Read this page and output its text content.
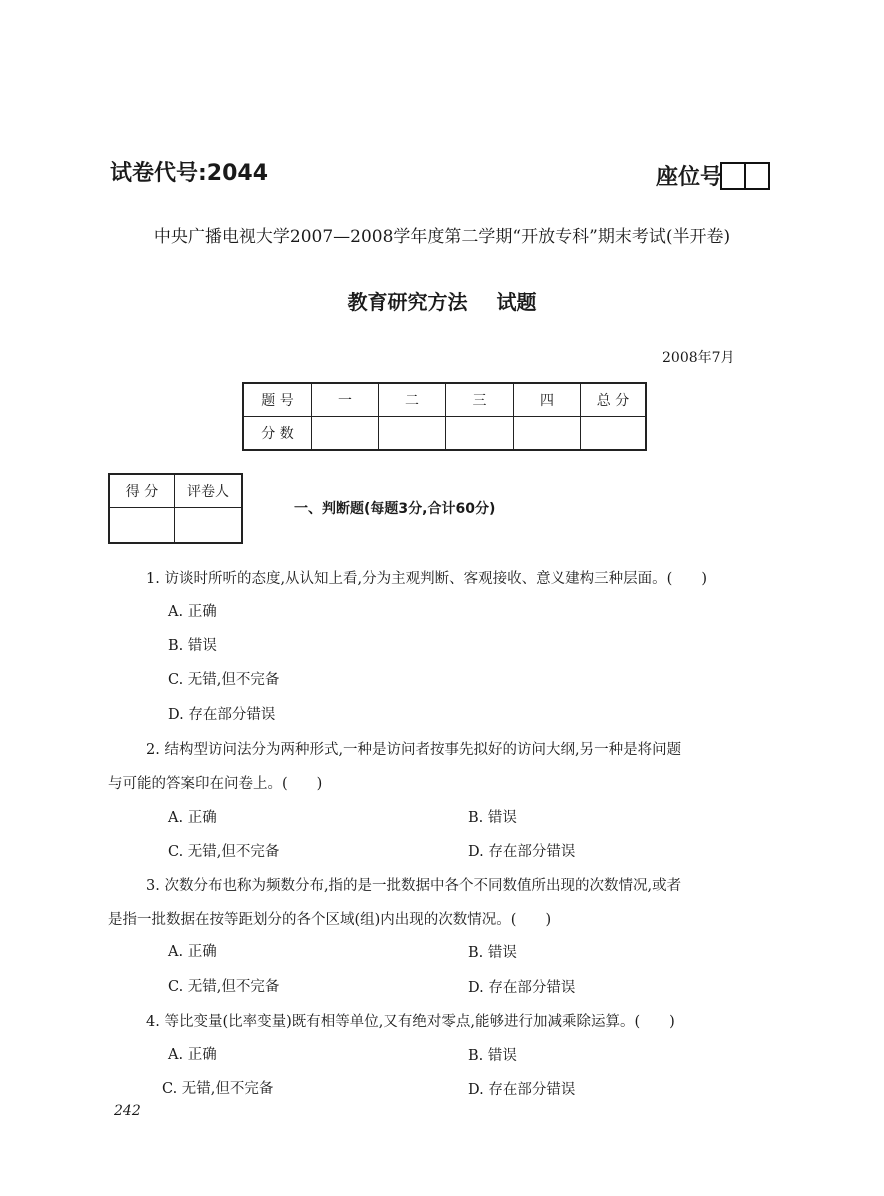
试卷代号:2044	座位号
中央广播电视大学2007—2008学年度第二学期“开放专科”期末考试(半开卷)
教育研究方法 试题
2008年7月
题 号	一	二	三	四	总 分
分 数					
得 分	评卷人

一、判断题(每题3分,合计60分)
1. 访谈时所听的态度,从认知上看,分为主观判断、客观接收、意义建构三种层面。(　　)
A. 正确
B. 错误
C. 无错,但不完备
D. 存在部分错误
2. 结构型访问法分为两种形式,一种是访问者按事先拟好的访问大纲,另一种是将问题
与可能的答案印在问卷上。(　　)
A. 正确	B. 错误
C. 无错,但不完备	D. 存在部分错误
3. 次数分布也称为频数分布,指的是一批数据中各个不同数值所出现的次数情况,或者
是指一批数据在按等距划分的各个区域(组)内出现的次数情况。(　　)
A. 正确	B. 错误
C. 无错,但不完备	D. 存在部分错误
4. 等比变量(比率变量)既有相等单位,又有绝对零点,能够进行加减乘除运算。(　　)
A. 正确	B. 错误
C. 无错,但不完备	D. 存在部分错误
242
